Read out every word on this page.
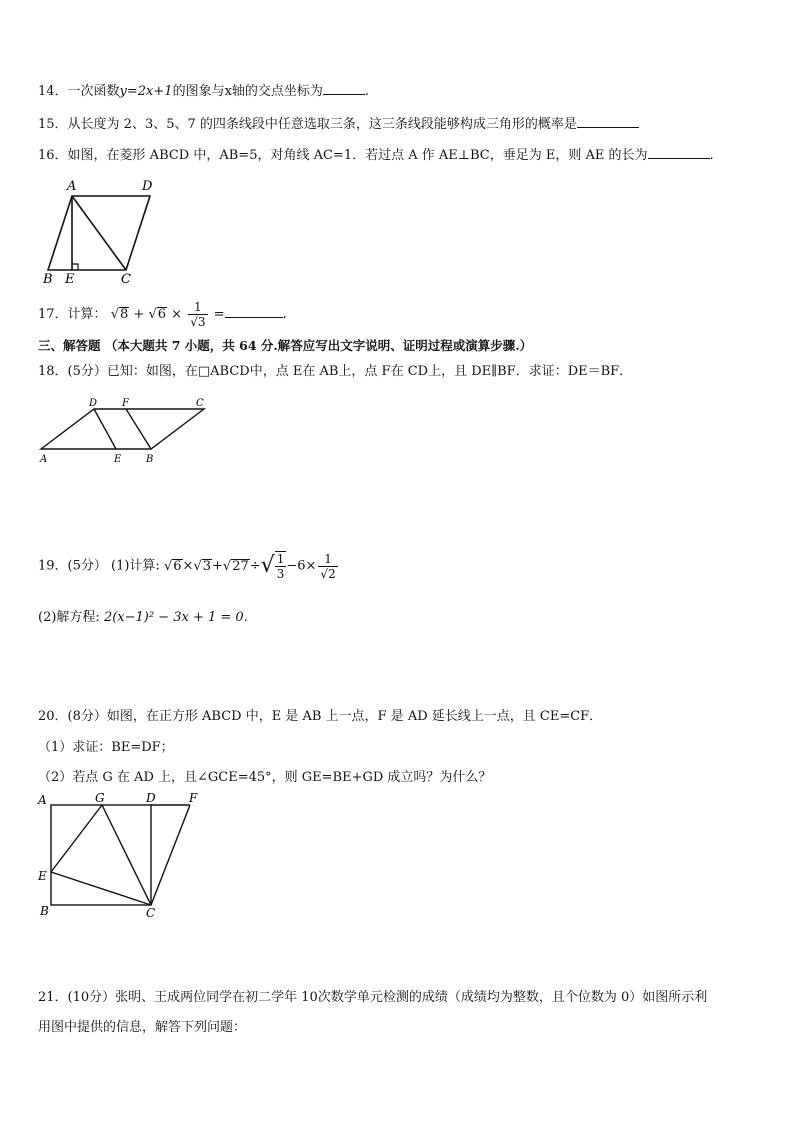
14．一次函数y=2x+1的图象与x轴的交点坐标为	.
15．从长度为 2、3、5、7 的四条线段中任意选取三条，这三条线段能够构成三角形的概率是
16．如图，在菱形 ABCD 中，AB=5，对角线 AC=1．若过点 A 作 AE⊥BC，垂足为 E，则 AE 的长为	.
A	D
B E	C
17．计算： $√8 + √6 \times \frac{1}{√3}$ =	.
三、解答题 （本大题共 7 小题，共 64 分.解答应写出文字说明、证明过程或演算步骤.）
18．(5分）已知：如图，在□ABCD中，点 E在 AB上，点 F在 CD上，且 DE∥BF．求证：DE＝BF．
D F	C
A	E B
19．(5分） (1)计算: $√6\times√3+√27\div√ \frac{1}{3} -6\times \frac{1}{√2}$
(2)解方程: 2(x−1)² − 3x + 1 = 0.
20．(8分）如图，在正方形 ABCD 中，E 是 AB 上一点，F 是 AD 延长线上一点，且 CE=CF．
（1）求证：BE=DF；
（2）若点 G 在 AD 上，且∠GCE=45°，则 GE=BE+GD 成立吗？为什么？
A	G	D	F
E
B	C
21．(10分）张明、王成两位同学在初二学年 10次数学单元检测的成绩（成绩均为整数，且个位数为 0）如图所示利
用图中提供的信息，解答下列问题：
